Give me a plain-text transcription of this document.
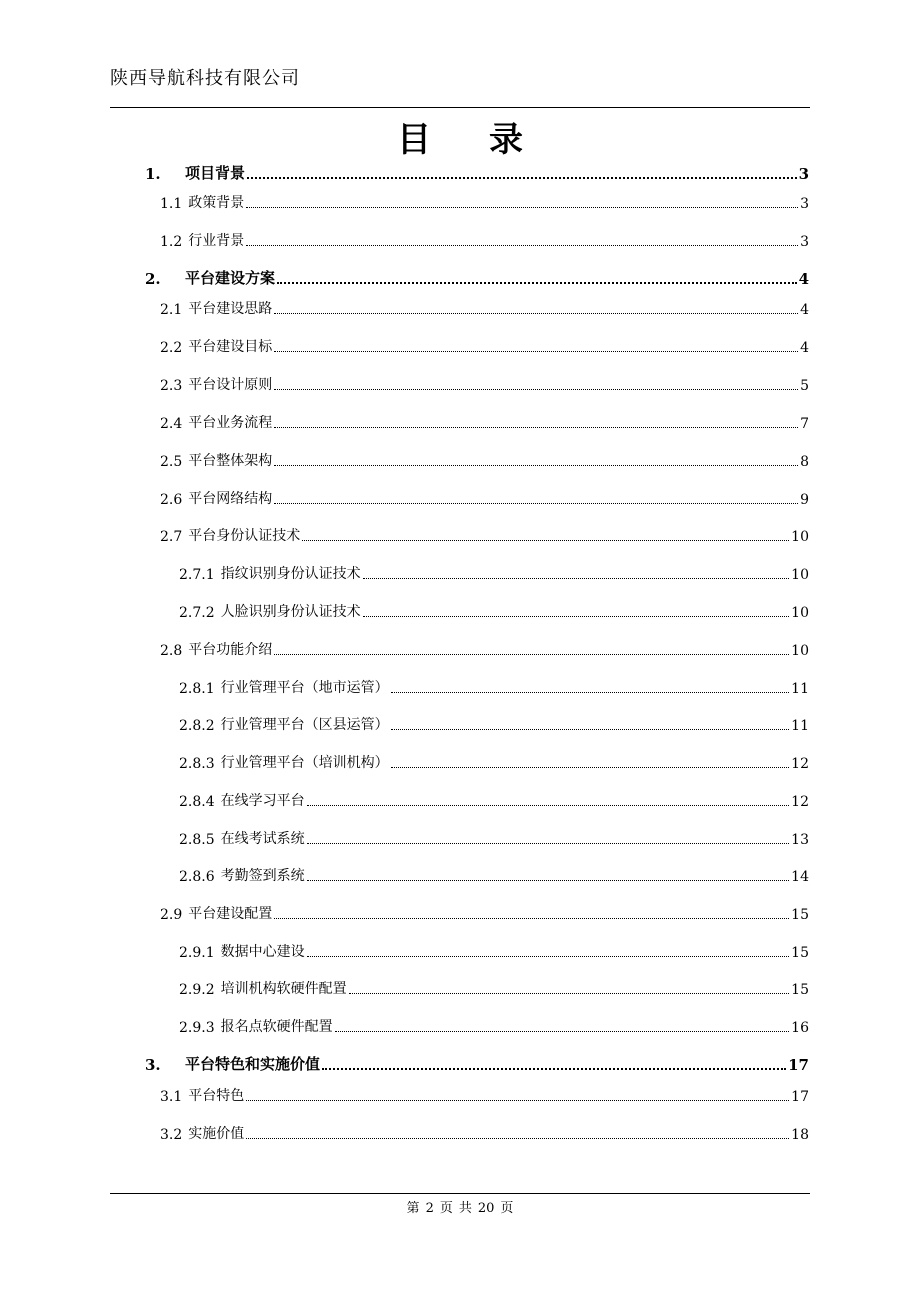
陕西导航科技有限公司
目录
1.	项目背景	3
1.1 政策背景	3
1.2 行业背景	3
2.	平台建设方案	4
2.1 平台建设思路	4
2.2 平台建设目标	4
2.3 平台设计原则	5
2.4 平台业务流程	7
2.5 平台整体架构	8
2.6 平台网络结构	9
2.7 平台身份认证技术	10
2.7.1 指纹识别身份认证技术	10
2.7.2 人脸识别身份认证技术	10
2.8 平台功能介绍	10
2.8.1 行业管理平台（地市运管）	11
2.8.2 行业管理平台（区县运管）	11
2.8.3 行业管理平台（培训机构）	12
2.8.4 在线学习平台	12
2.8.5 在线考试系统	13
2.8.6 考勤签到系统	14
2.9 平台建设配置	15
2.9.1 数据中心建设	15
2.9.2 培训机构软硬件配置	15
2.9.3 报名点软硬件配置	16
3.	平台特色和实施价值	17
3.1 平台特色	17
3.2 实施价值	18
第 2 页 共 20 页
